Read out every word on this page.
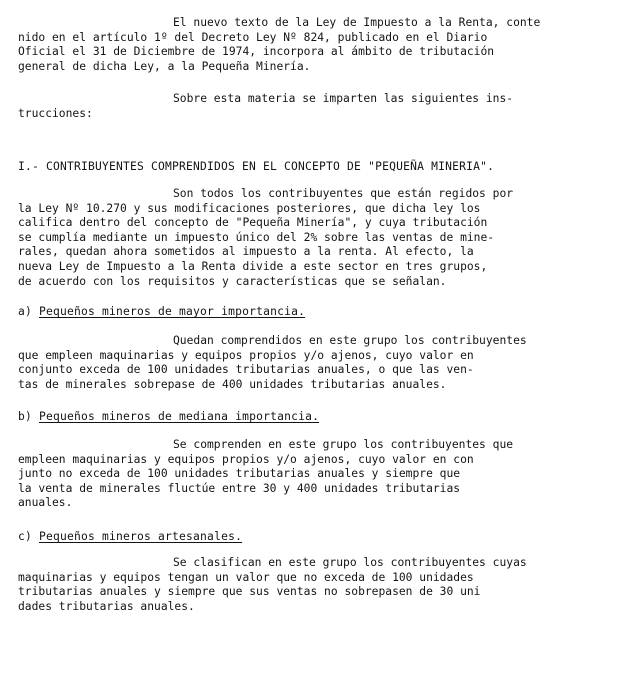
El nuevo texto de la Ley de Impuesto a la Renta, conte
nido en el artículo 1º del Decreto Ley Nº 824, publicado en el Diario
Oficial el 31 de Diciembre de 1974, incorpora al ámbito de tributación
general de dicha Ley, a la Pequeña Minería.
Sobre esta materia se imparten las siguientes ins-
trucciones:
I.- CONTRIBUYENTES COMPRENDIDOS EN EL CONCEPTO DE "PEQUEÑA MINERIA".
Son todos los contribuyentes que están regidos por
la Ley Nº 10.270 y sus modificaciones posteriores, que dicha ley los
califica dentro del concepto de "Pequeña Minería", y cuya tributación
se cumplía mediante un impuesto único del 2% sobre las ventas de mine-
rales, quedan ahora sometidos al impuesto a la renta. Al efecto, la
nueva Ley de Impuesto a la Renta divide a este sector en tres grupos,
de acuerdo con los requisitos y características que se señalan.
a) Pequeños mineros de mayor importancia.
Quedan comprendidos en este grupo los contribuyentes
que empleen maquinarias y equipos propios y/o ajenos, cuyo valor en
conjunto exceda de 100 unidades tributarias anuales, o que las ven-
tas de minerales sobrepase de 400 unidades tributarias anuales.
b) Pequeños mineros de mediana importancia.
Se comprenden en este grupo los contribuyentes que
empleen maquinarias y equipos propios y/o ajenos, cuyo valor en con
junto no exceda de 100 unidades tributarias anuales y siempre que
la venta de minerales fluctúe entre 30 y 400 unidades tributarias
anuales.
c) Pequeños mineros artesanales.
Se clasifican en este grupo los contribuyentes cuyas
maquinarias y equipos tengan un valor que no exceda de 100 unidades
tributarias anuales y siempre que sus ventas no sobrepasen de 30 uni
dades tributarias anuales.
